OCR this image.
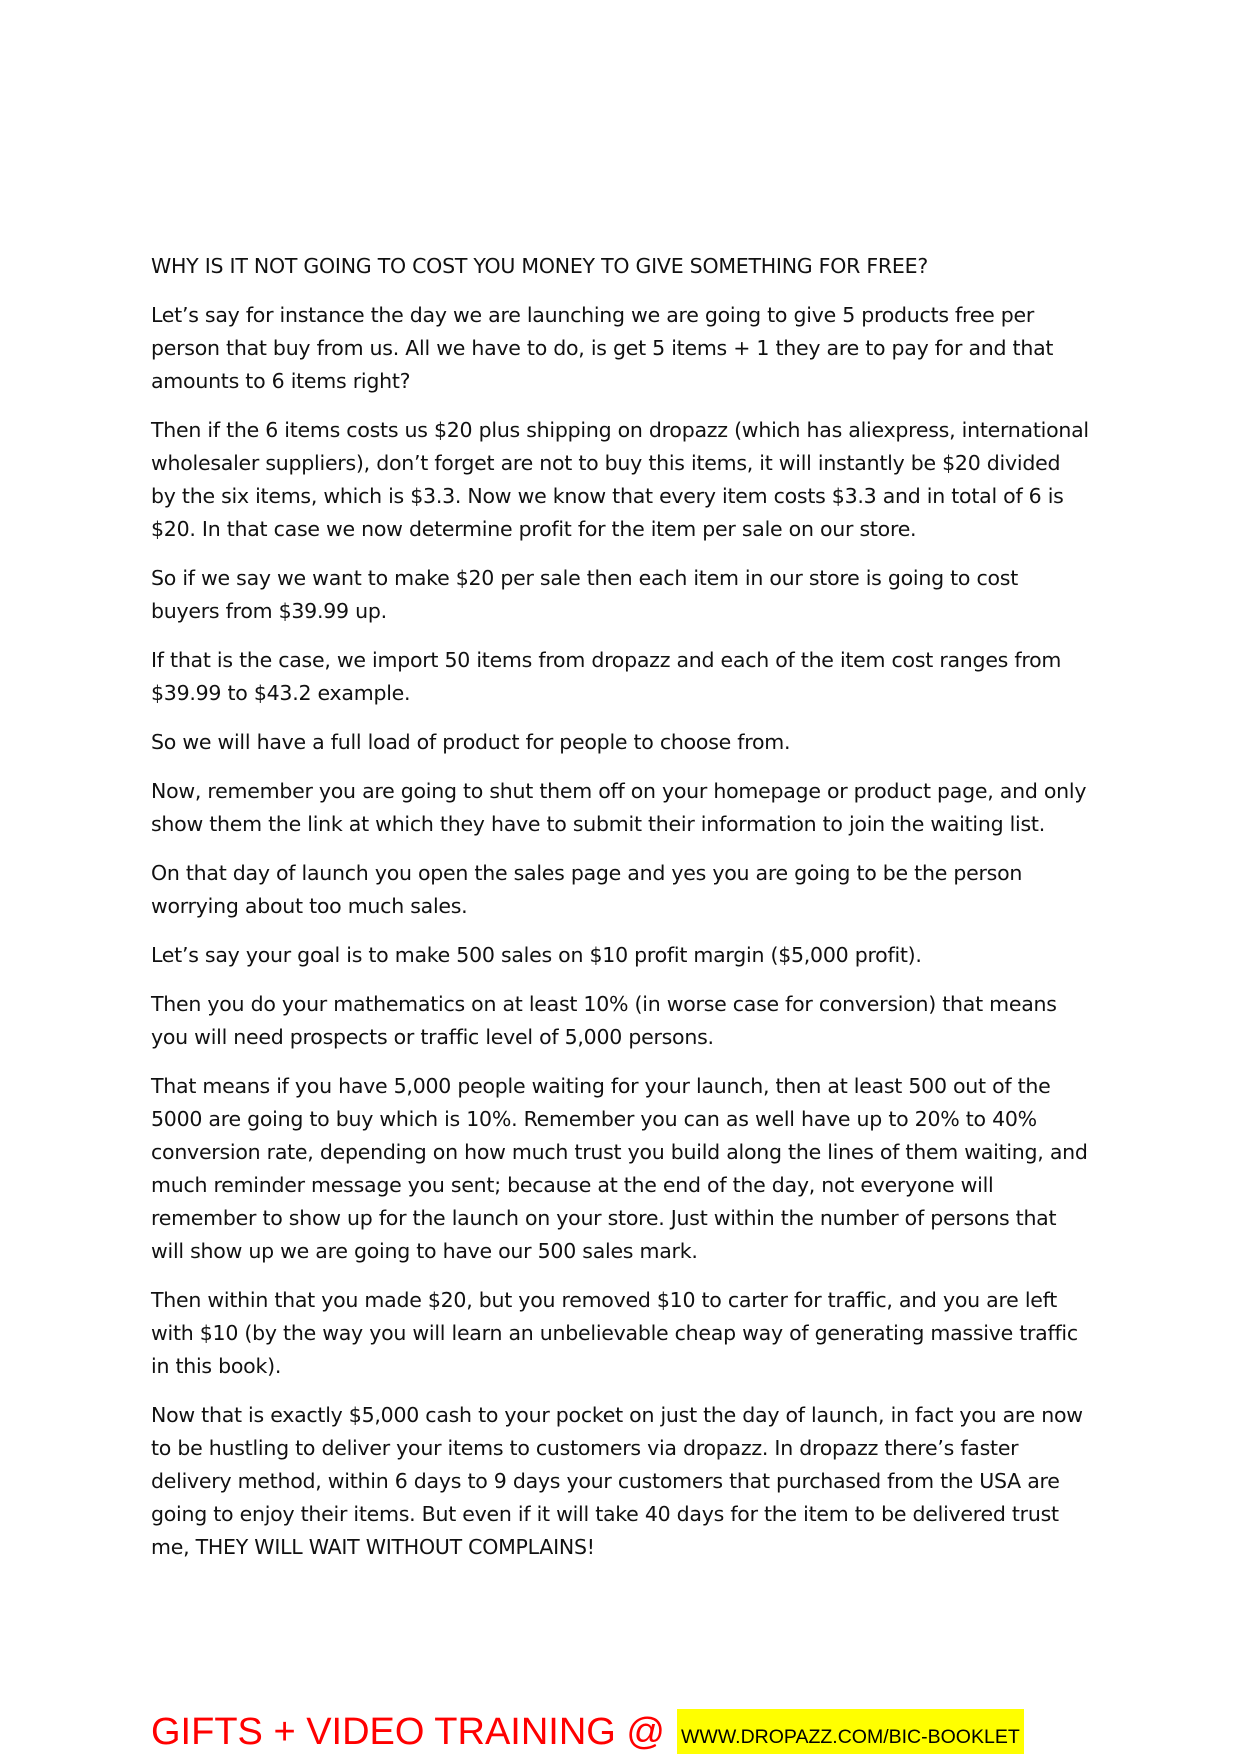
WHY IS IT NOT GOING TO COST YOU MONEY TO GIVE SOMETHING FOR FREE?

Let’s say for instance the day we are launching we are going to give 5 products free per person that buy from us. All we have to do, is get 5 items + 1 they are to pay for and that amounts to 6 items right?

Then if the 6 items costs us $20 plus shipping on dropazz (which has aliexpress, international wholesaler suppliers), don’t forget are not to buy this items, it will instantly be $20 divided by the six items, which is $3.3. Now we know that every item costs $3.3 and in total of 6 is $20. In that case we now determine profit for the item per sale on our store.

So if we say we want to make $20 per sale then each item in our store is going to cost buyers from $39.99 up.

If that is the case, we import 50 items from dropazz and each of the item cost ranges from $39.99 to $43.2 example.

So we will have a full load of product for people to choose from.

Now, remember you are going to shut them off on your homepage or product page, and only show them the link at which they have to submit their information to join the waiting list.

On that day of launch you open the sales page and yes you are going to be the person worrying about too much sales.

Let’s say your goal is to make 500 sales on $10 profit margin ($5,000 profit).

Then you do your mathematics on at least 10% (in worse case for conversion) that means you will need prospects or traffic level of 5,000 persons.

That means if you have 5,000 people waiting for your launch, then at least 500 out of the 5000 are going to buy which is 10%. Remember you can as well have up to 20% to 40% conversion rate, depending on how much trust you build along the lines of them waiting, and much reminder message you sent; because at the end of the day, not everyone will remember to show up for the launch on your store. Just within the number of persons that will show up we are going to have our 500 sales mark.

Then within that you made $20, but you removed $10 to carter for traffic, and you are left with $10 (by the way you will learn an unbelievable cheap way of generating massive traffic in this book).

Now that is exactly $5,000 cash to your pocket on just the day of launch, in fact you are now to be hustling to deliver your items to customers via dropazz. In dropazz there’s faster delivery method, within 6 days to 9 days your customers that purchased from the USA are going to enjoy their items. But even if it will take 40 days for the item to be delivered trust me, THEY WILL WAIT WITHOUT COMPLAINS!

GIFTS + VIDEO TRAINING @ WWW.DROPAZZ.COM/BIC-BOOKLET
